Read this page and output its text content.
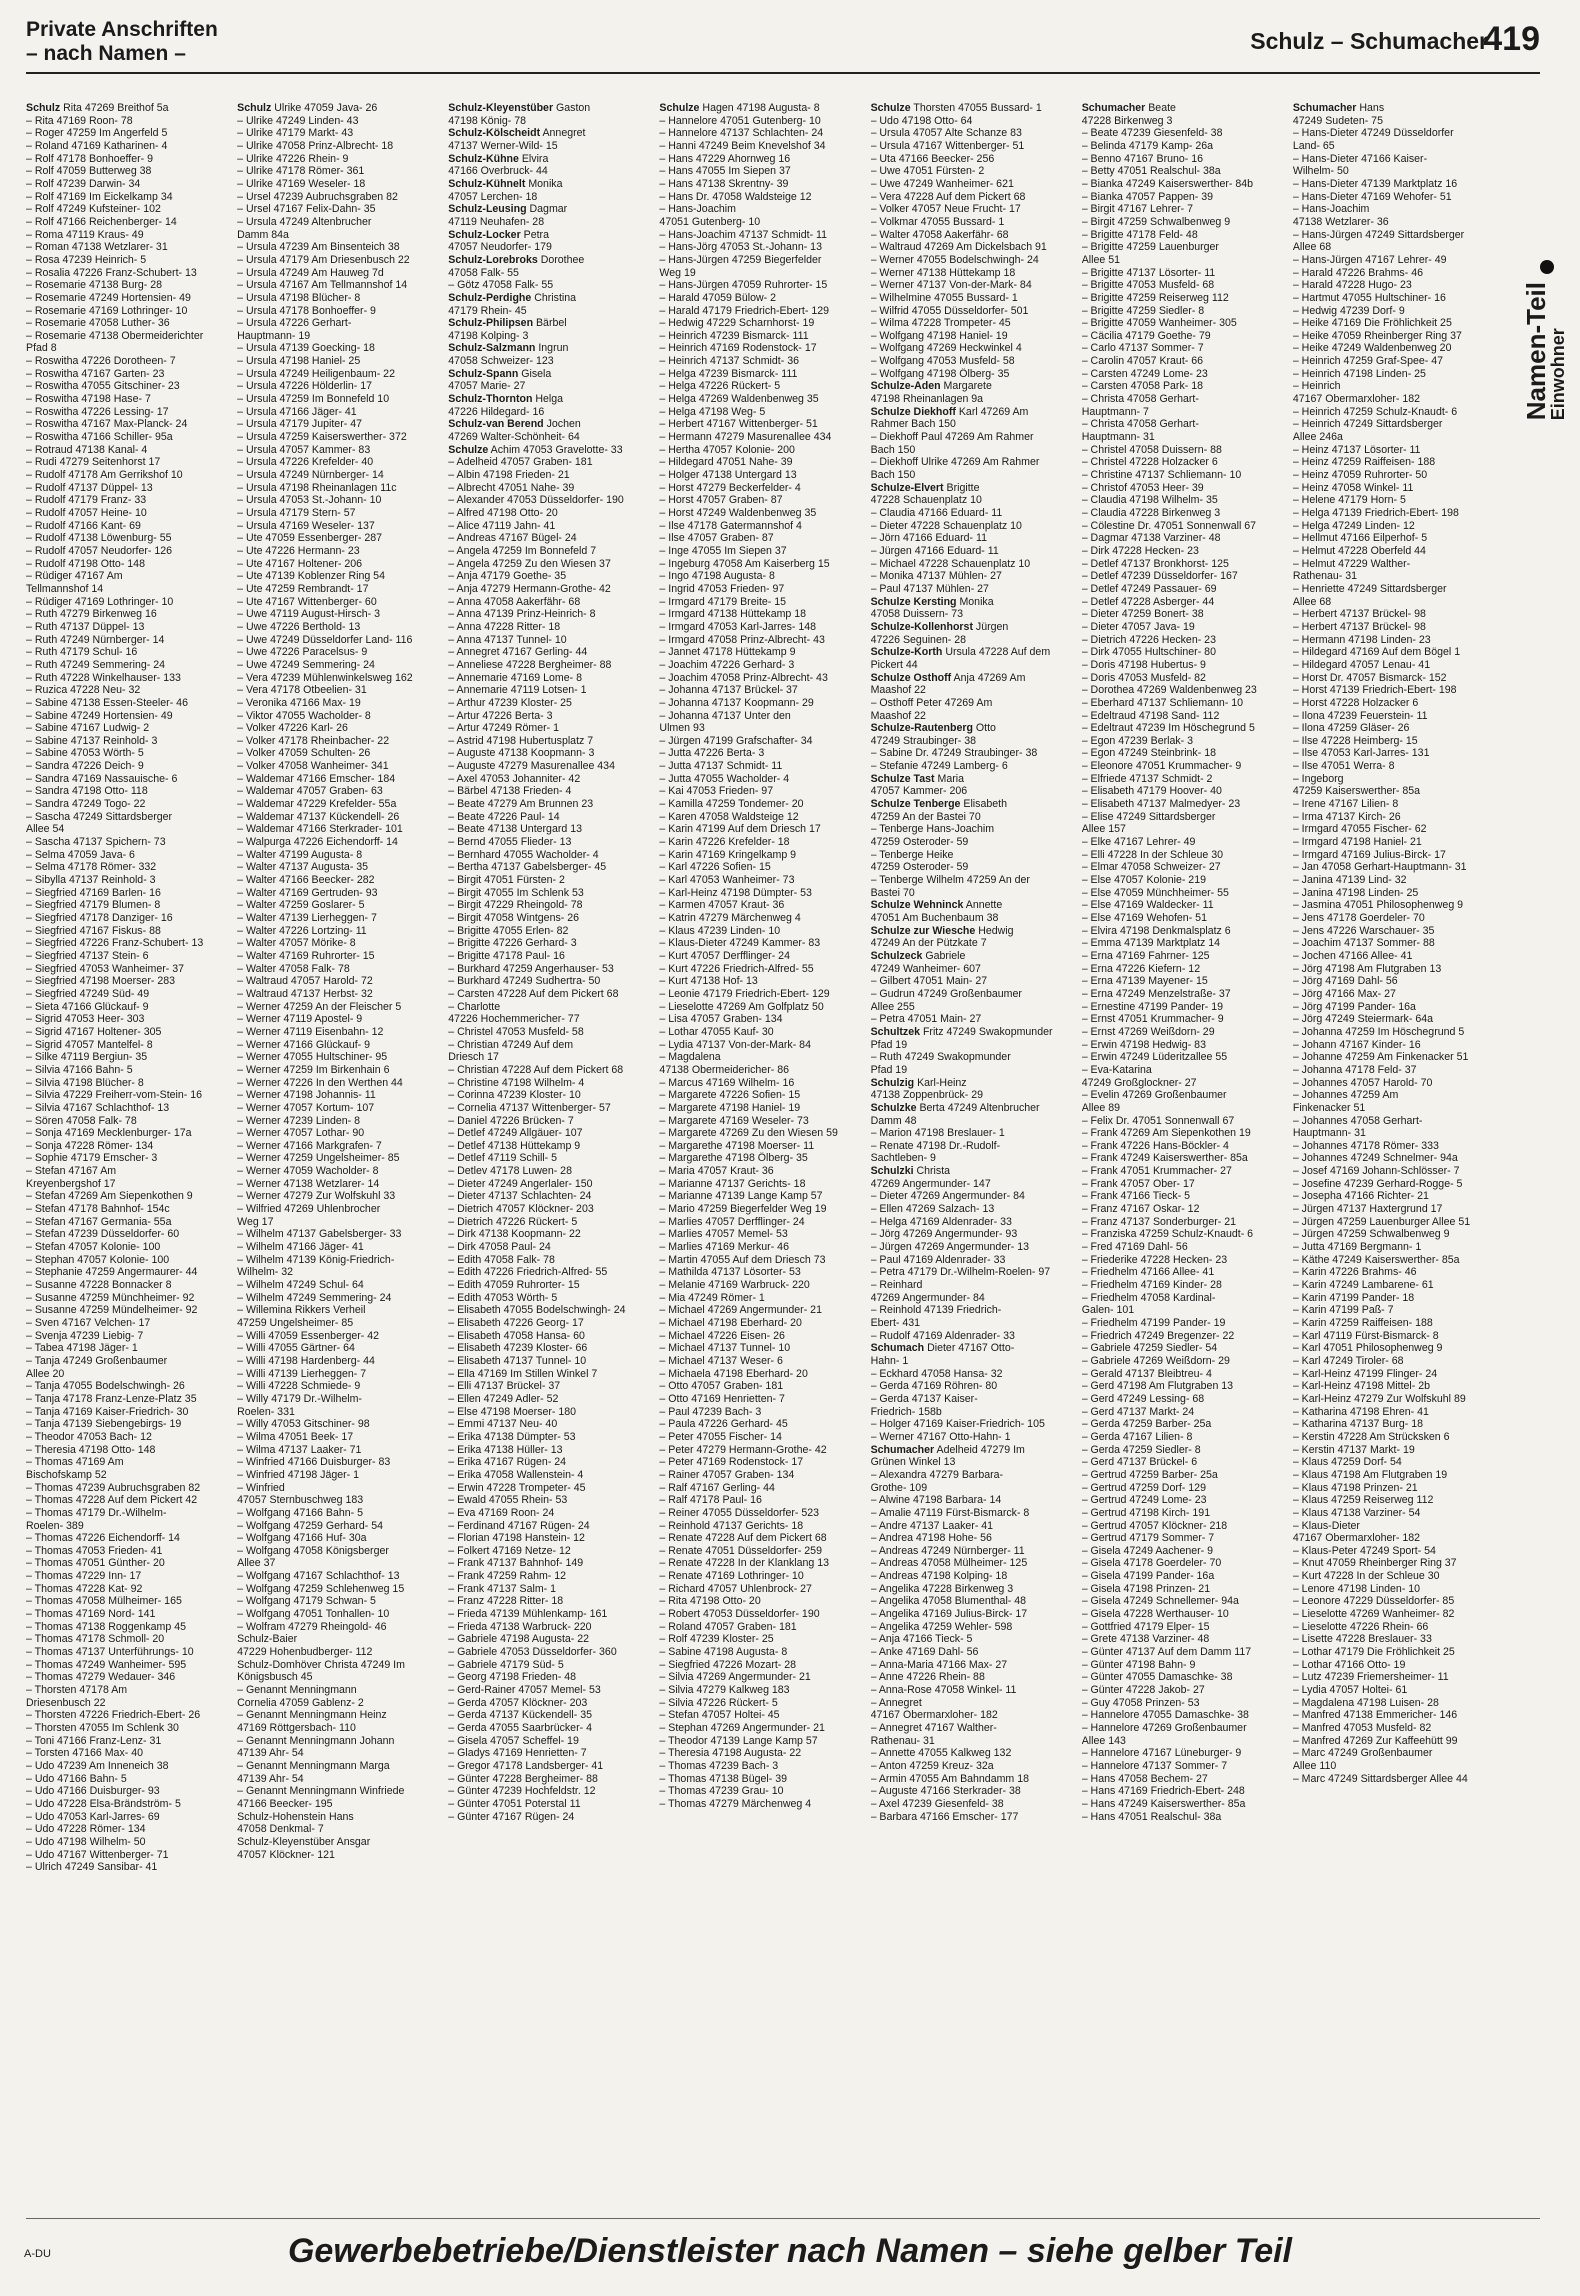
Private Anschriften
– nach Namen –	Schulz – Schumacher
419
Schulz Rita 47269 Breithof 5a
– Rita 47169 Roon- 78
– Roger 47259 Im Angerfeld 5
– Roland 47169 Katharinen- 4
– Rolf 47178 Bonhoeffer- 9
– Rolf 47059 Butterweg 38
– Rolf 47239 Darwin- 34
– Rolf 47169 Im Eickelkamp 34
– Rolf 47249 Kufsteiner- 102
– Rolf 47166 Reichenberger- 14
– Roma 47119 Kraus- 49
– Roman 47138 Wetzlarer- 31
– Rosa 47239 Heinrich- 5
– Rosalia 47226 Franz-Schubert- 13
– Rosemarie 47138 Burg- 28
– Rosemarie 47249 Hortensien- 49
– Rosemarie 47169 Lothringer- 10
– Rosemarie 47058 Luther- 36
– Rosemarie 47138 Obermeiderichter
Pfad 8
– Roswitha 47226 Dorotheen- 7
– Roswitha 47167 Garten- 23
– Roswitha 47055 Gitschiner- 23
– Roswitha 47198 Hase- 7
– Roswitha 47226 Lessing- 17
– Roswitha 47167 Max-Planck- 24
– Roswitha 47166 Schiller- 95a
– Rotraud 47138 Kanal- 4
– Rudi 47279 Seitenhorst 17
– Rudolf 47178 Am Gerrikshof 10
– Rudolf 47137 Düppel- 13
– Rudolf 47179 Franz- 33
– Rudolf 47057 Heine- 10
– Rudolf 47166 Kant- 69
– Rudolf 47138 Löwenburg- 55
– Rudolf 47057 Neudorfer- 126
– Rudolf 47198 Otto- 148
– Rüdiger 47167 Am
Tellmannshof 14
– Rüdiger 47169 Lothringer- 10
– Ruth 47279 Birkenweg 16
– Ruth 47137 Düppel- 13
– Ruth 47249 Nürnberger- 14
– Ruth 47179 Schul- 16
– Ruth 47249 Semmering- 24
– Ruth 47228 Winkelhauser- 133
– Ruzica 47228 Neu- 32
– Sabine 47138 Essen-Steeler- 46
– Sabine 47249 Hortensien- 49
– Sabine 47167 Ludwig- 2
– Sabine 47137 Reinhold- 3
– Sabine 47053 Wörth- 5
– Sandra 47226 Deich- 9
– Sandra 47169 Nassauische- 6
– Sandra 47198 Otto- 118
– Sandra 47249 Togo- 22
– Sascha 47249 Sittardsberger
Allee 54
– Sascha 47137 Spichern- 73
– Selma 47059 Java- 6
– Selma 47178 Römer- 332
– Sibylla 47137 Reinhold- 3
– Siegfried 47169 Barlen- 16
– Siegfried 47179 Blumen- 8
– Siegfried 47178 Danziger- 16
– Siegfried 47167 Fiskus- 88
– Siegfried 47226 Franz-Schubert- 13
– Siegfried 47137 Stein- 6
– Siegfried 47053 Wanheimer- 37
– Siegfried 47198 Moerser- 283
– Siegfried 47249 Süd- 49
– Sieta 47166 Glückauf- 9
– Sigrid 47053 Heer- 303
– Sigrid 47167 Holtener- 305
– Sigrid 47057 Mantelfel- 8
– Silke 47119 Bergiun- 35
– Silvia 47166 Bahn- 5
– Silvia 47198 Blücher- 8
– Silvia 47229 Freiherr-vom-Stein- 16
– Silvia 47167 Schlachthof- 13
– Sören 47058 Falk- 78
– Sonja 47169 Mecklenburger- 17a
– Sonja 47228 Römer- 134
– Sophie 47179 Emscher- 3
– Stefan 47167 Am
Kreyenbergshof 17
– Stefan 47269 Am Siepenkothen 9
– Stefan 47178 Bahnhof- 154c
– Stefan 47167 Germania- 55a
– Stefan 47239 Düsseldorfer- 60
– Stefan 47057 Kolonie- 100
– Stephan 47057 Kolonie- 100
– Stephanie 47259 Angermaurer- 44
– Susanne 47228 Bonnacker 8
– Susanne 47259 Münchheimer- 92
– Susanne 47259 Mündelheimer- 92
– Sven 47167 Velchen- 17
– Svenja 47239 Liebig- 7
– Tabea 47198 Jäger- 1
– Tanja 47249 Großenbaumer
Allee 20
– Tanja 47055 Bodelschwingh- 26
– Tanja 47178 Franz-Lenze-Platz 35
– Tanja 47169 Kaiser-Friedrich- 30
– Tanja 47139 Siebengebirgs- 19
– Theodor 47053 Bach- 12
– Theresia 47198 Otto- 148
– Thomas 47169 Am
Bischofskamp 52
– Thomas 47239 Aubruchsgraben 82
– Thomas 47228 Auf dem Pickert 42
– Thomas 47179 Dr.-Wilhelm-
Roelen- 389
– Thomas 47226 Eichendorff- 14
– Thomas 47053 Frieden- 41
– Thomas 47051 Günther- 20
– Thomas 47229 Inn- 17
– Thomas 47228 Kat- 92
– Thomas 47058 Mülheimer- 165
– Thomas 47169 Nord- 141
– Thomas 47138 Roggenkamp 45
– Thomas 47178 Schmoll- 20
– Thomas 47137 Unterführungs- 10
– Thomas 47249 Wanheimer- 595
– Thomas 47279 Wedauer- 346
– Thorsten 47178 Am
Driesenbusch 22
– Thorsten 47226 Friedrich-Ebert- 26
– Thorsten 47055 Im Schlenk 30
– Toni 47166 Franz-Lenz- 31
– Torsten 47166 Max- 40
– Udo 47239 Am Inneneich 38
– Udo 47166 Bahn- 5
– Udo 47166 Duisburger- 93
– Udo 47228 Elsa-Brändström- 5
– Udo 47053 Karl-Jarres- 69
– Udo 47228 Römer- 134
– Udo 47198 Wilhelm- 50
– Udo 47167 Wittenberger- 71
– Ulrich 47249 Sansibar- 41
Schulz Ulrike 47059 Java- 26
– Ulrike 47249 Linden- 43
– Ulrike 47179 Markt- 43
– Ulrike 47058 Prinz-Albrecht- 18
– Ulrike 47226 Rhein- 9
– Ulrike 47178 Römer- 361
– Ulrike 47169 Weseler- 18
– Ursel 47239 Aubruchsgraben 82
– Ursel 47167 Felix-Dahn- 35
– Ursula 47249 Altenbrucher
Damm 84a
– Ursula 47239 Am Binsenteich 38
– Ursula 47179 Am Driesenbusch 22
– Ursula 47249 Am Hauweg 7d
– Ursula 47167 Am Tellmannshof 14
– Ursula 47198 Blücher- 8
– Ursula 47178 Bonhoeffer- 9
– Ursula 47226 Gerhart-
Hauptmann- 19
– Ursula 47139 Goecking- 18
– Ursula 47198 Haniel- 25
– Ursula 47249 Heiligenbaum- 22
– Ursula 47226 Hölderlin- 17
– Ursula 47259 Im Bonnefeld 10
– Ursula 47166 Jäger- 41
– Ursula 47179 Jupiter- 47
– Ursula 47259 Kaiserswerther- 372
– Ursula 47057 Kammer- 83
– Ursula 47226 Krefelder- 40
– Ursula 47249 Nürnberger- 14
– Ursula 47198 Rheinanlagen 11c
– Ursula 47053 St.-Johann- 10
– Ursula 47179 Stern- 57
– Ursula 47169 Weseler- 137
– Ute 47059 Essenberger- 287
– Ute 47226 Hermann- 23
– Ute 47167 Holtener- 206
– Ute 47139 Koblenzer Ring 54
– Ute 47259 Rembrandt- 17
– Ute 47167 Wittenberger- 60
– Uwe 47119 August-Hirsch- 3
– Uwe 47226 Berthold- 13
– Uwe 47249 Düsseldorfer Land- 116
– Uwe 47226 Paracelsus- 9
– Uwe 47249 Semmering- 24
– Vera 47239 Mühlenwinkelsweg 162
– Vera 47178 Otbeelien- 31
– Veronika 47166 Max- 19
– Viktor 47055 Wacholder- 8
– Volker 47226 Karl- 26
– Volker 47178 Rheinbacher- 22
– Volker 47059 Schulten- 26
– Volker 47058 Wanheimer- 341
– Waldemar 47166 Emscher- 184
– Waldemar 47057 Graben- 63
– Waldemar 47229 Krefelder- 55a
– Waldemar 47137 Kückendell- 26
– Waldemar 47166 Sterkrader- 101
– Walpurga 47226 Eichendorff- 14
– Walter 47199 Augusta- 8
– Walter 47137 Augusta- 35
– Walter 47166 Beecker- 282
– Walter 47169 Gertruden- 93
– Walter 47259 Goslarer- 5
– Walter 47139 Lierheggen- 7
– Walter 47226 Lortzing- 11
– Walter 47057 Mörike- 8
– Walter 47169 Ruhrorter- 15
– Walter 47058 Falk- 78
– Waltraud 47057 Harold- 72
– Waltraud 47137 Herbst- 32
– Werner 47259 An der Fleischer 5
– Werner 47119 Apostel- 9
– Werner 47119 Eisenbahn- 12
– Werner 47166 Glückauf- 9
– Werner 47055 Hultschiner- 95
– Werner 47259 Im Birkenhain 6
– Werner 47226 In den Werthen 44
– Werner 47198 Johannis- 11
– Werner 47057 Kortum- 107
– Werner 47239 Linden- 8
– Werner 47057 Lothar- 90
– Werner 47166 Markgrafen- 7
– Werner 47259 Ungelsheimer- 85
– Werner 47059 Wacholder- 8
– Werner 47138 Wetzlarer- 14
– Werner 47279 Zur Wolfskuhl 33
– Wilfried 47269 Uhlenbrocher
Weg 17
– Wilhelm 47137 Gabelsberger- 33
– Wilhelm 47166 Jäger- 41
– Wilhelm 47139 König-Friedrich-
Wilhelm- 32
– Wilhelm 47249 Schul- 64
– Wilhelm 47249 Semmering- 24
– Willemina Rikkers Verheil
47259 Ungelsheimer- 85
– Willi 47059 Essenberger- 42
– Willi 47055 Gärtner- 64
– Willi 47198 Hardenberg- 44
– Willi 47139 Lierheggen- 7
– Willi 47228 Schmiede- 9
– Willy 47179 Dr.-Wilhelm-
Roelen- 331
– Willy 47053 Gitschiner- 98
– Wilma 47051 Beek- 17
– Wilma 47137 Laaker- 71
– Winfried 47166 Duisburger- 83
– Winfried 47198 Jäger- 1
– Winfried
47057 Sternbuschweg 183
– Wolfgang 47166 Bahn- 5
– Wolfgang 47259 Gerhard- 54
– Wolfgang 47166 Huf- 30a
– Wolfgang 47058 Königsberger
Allee 37
– Wolfgang 47167 Schlachthof- 13
– Wolfgang 47259 Schlehenweg 15
– Wolfgang 47179 Schwan- 5
– Wolfgang 47051 Tonhallen- 10
– Wolfram 47279 Rheingold- 46
Schulz-Baier
47229 Hohenbudberger- 112
Schulz-Domhöver Christa 47249 Im
Königsbusch 45
– Genannt Menningmann
Cornelia 47059 Gablenz- 2
– Genannt Menningmann Heinz
47169 Röttgersbach- 110
– Genannt Menningmann Johann
47139 Ahr- 54
– Genannt Menningmann Marga
47139 Ahr- 54
– Genannt Menningmann Winfriede
47166 Beecker- 195
Schulz-Hohenstein Hans
47058 Denkmal- 7
Schulz-Kleyenstüber Ansgar
47057 Klöckner- 121
Schulz-Kleyenstüber Gaston
47198 König- 78
Schulz-Kölscheidt Annegret
47137 Werner-Wild- 15
Schulz-Kühne Elvira
47166 Overbruck- 44
Schulz-Kühnelt Monika
47057 Lerchen- 18
Schulz-Leusing Dagmar
47119 Neuhafen- 28
Schulz-Locker Petra
47057 Neudorfer- 179
Schulz-Lorebroks Dorothee
47058 Falk- 55
– Götz 47058 Falk- 55
Schulz-Perdighe Christina
47179 Rhein- 45
Schulz-Philipsen Bärbel
47198 Kolping- 3
Schulz-Salzmann Ingrun
47058 Schweizer- 123
Schulz-Spann Gisela
47057 Marie- 27
Schulz-Thornton Helga
47226 Hildegard- 16
Schulz-van Berend Jochen
47269 Walter-Schönheit- 64
Schulze Achim 47053 Gravelotte- 33
– Adelheid 47057 Graben- 181
– Albin 47198 Frieden- 21
– Albrecht 47051 Nahe- 39
– Alexander 47053 Düsseldorfer- 190
– Alfred 47198 Otto- 20
– Alice 47119 Jahn- 41
– Andreas 47167 Bügel- 24
– Angela 47259 Im Bonnefeld 7
– Angela 47259 Zu den Wiesen 37
– Anja 47179 Goethe- 35
– Anja 47279 Hermann-Grothe- 42
– Anna 47058 Aakerfähr- 68
– Anna 47139 Prinz-Heinrich- 8
– Anna 47228 Ritter- 18
– Anna 47137 Tunnel- 10
– Annegret 47167 Gerling- 44
– Anneliese 47228 Bergheimer- 88
– Annemarie 47169 Lome- 8
– Annemarie 47119 Lotsen- 1
– Arthur 47239 Kloster- 25
– Artur 47226 Berta- 3
– Artur 47249 Römer- 1
– Astrid 47198 Hubertusplatz 7
– Auguste 47138 Koopmann- 3
– Auguste 47279 Masurenallee 434
– Axel 47053 Johanniter- 42
– Bärbel 47138 Frieden- 4
– Beate 47279 Am Brunnen 23
– Beate 47226 Paul- 14
– Beate 47138 Untergard 13
– Bernd 47055 Flieder- 13
– Bernhard 47055 Wacholder- 4
– Bertha 47137 Gabelsberger- 45
– Birgit 47051 Fürsten- 2
– Birgit 47055 Im Schlenk 53
– Birgit 47229 Rheingold- 78
– Birgit 47058 Wintgens- 26
– Brigitte 47055 Erlen- 82
– Brigitte 47226 Gerhard- 3
– Brigitte 47178 Paul- 16
– Burkhard 47259 Angerhauser- 53
– Burkhard 47249 Sudhertra- 50
– Carsten 47228 Auf dem Pickert 68
– Charlotte
47226 Hochemmericher- 77
– Christel 47053 Musfeld- 58
– Christian 47249 Auf dem
Driesch 17
– Christian 47228 Auf dem Pickert 68
– Christine 47198 Wilhelm- 4
– Corinna 47239 Kloster- 10
– Cornelia 47137 Wittenberger- 57
– Daniel 47226 Brücken- 7
– Detlef 47249 Allgäuer- 107
– Detlef 47138 Hüttekamp 9
– Detlef 47119 Schill- 5
– Detlev 47178 Luwen- 28
– Dieter 47249 Angerlaler- 150
– Dieter 47137 Schlachten- 24
– Dietrich 47057 Klöckner- 203
– Dietrich 47226 Rückert- 5
– Dirk 47138 Koopmann- 22
– Dirk 47058 Paul- 24
– Edith 47058 Falk- 78
– Edith 47226 Friedrich-Alfred- 55
– Edith 47059 Ruhrorter- 15
– Edith 47053 Wörth- 5
– Elisabeth 47055 Bodelschwingh- 24
– Elisabeth 47226 Georg- 17
– Elisabeth 47058 Hansa- 60
– Elisabeth 47239 Kloster- 66
– Elisabeth 47137 Tunnel- 10
– Ella 47169 Im Stillen Winkel 7
– Elli 47137 Brückel- 37
– Ellen 47249 Adler- 52
– Else 47198 Moerser- 180
– Emmi 47137 Neu- 40
– Erika 47138 Dümpter- 53
– Erika 47138 Hüller- 13
– Erika 47167 Rügen- 24
– Erika 47058 Wallenstein- 4
– Erwin 47228 Trompeter- 45
– Ewald 47055 Rhein- 53
– Eva 47169 Roon- 24
– Ferdinand 47167 Rügen- 24
– Florian 47198 Hanstein- 12
– Folkert 47169 Netze- 12
– Frank 47137 Bahnhof- 149
– Frank 47259 Rahm- 12
– Frank 47137 Salm- 1
– Franz 47228 Ritter- 18
– Frieda 47139 Mühlenkamp- 161
– Frieda 47138 Warbruck- 220
– Gabriele 47198 Augusta- 22
– Gabriele 47053 Düsseldorfer- 360
– Gabriele 47179 Süd- 5
– Georg 47198 Frieden- 48
– Gerd-Rainer 47057 Memel- 53
– Gerda 47057 Klöckner- 203
– Gerda 47137 Kückendell- 35
– Gerda 47055 Saarbrücker- 4
– Gisela 47057 Scheffel- 19
– Gladys 47169 Henrietten- 7
– Gregor 47178 Landsberger- 41
– Günter 47228 Bergheimer- 88
– Günter 47239 Hochfeldstr. 12
– Günter 47051 Poterstal 11
– Günter 47167 Rügen- 24
Schulze Hagen 47198 Augusta- 8
– Hannelore 47051 Gutenberg- 10
– Hannelore 47137 Schlachten- 24
– Hanni 47249 Beim Knevelshof 34
– Hans 47229 Ahornweg 16
– Hans 47055 Im Siepen 37
– Hans 47138 Skrentny- 39
– Hans Dr. 47058 Waldsteige 12
– Hans-Joachim
47051 Gutenberg- 10
– Hans-Joachim 47137 Schmidt- 11
– Hans-Jörg 47053 St.-Johann- 13
– Hans-Jürgen 47259 Biegerfelder
Weg 19
– Hans-Jürgen 47059 Ruhrorter- 15
– Harald 47059 Bülow- 2
– Harald 47179 Friedrich-Ebert- 129
– Hedwig 47229 Scharnhorst- 19
– Heinrich 47239 Bismarck- 111
– Heinrich 47169 Rodenstock- 17
– Heinrich 47137 Schmidt- 36
– Helga 47239 Bismarck- 111
– Helga 47226 Rückert- 5
– Helga 47269 Waldenbenweg 35
– Helga 47198 Weg- 5
– Herbert 47167 Wittenberger- 51
– Hermann 47279 Masurenallee 434
– Hertha 47057 Kolonie- 200
– Hildegard 47051 Nahe- 39
– Holger 47138 Untergard 13
– Horst 47279 Beckerfelder- 4
– Horst 47057 Graben- 87
– Horst 47249 Waldenbenweg 35
– Ilse 47178 Gatermannshof 4
– Ilse 47057 Graben- 87
– Inge 47055 Im Siepen 37
– Ingeburg 47058 Am Kaiserberg 15
– Ingo 47198 Augusta- 8
– Ingrid 47053 Frieden- 97
– Irmgard 47179 Breite- 15
– Irmgard 47138 Hüttekamp 18
– Irmgard 47053 Karl-Jarres- 148
– Irmgard 47058 Prinz-Albrecht- 43
– Jannet 47178 Hüttekamp 9
– Joachim 47226 Gerhard- 3
– Joachim 47058 Prinz-Albrecht- 43
– Johanna 47137 Brückel- 37
– Johanna 47137 Koopmann- 29
– Johanna 47137 Unter den
Ulmen 93
– Jürgen 47199 Grafschafter- 34
– Jutta 47226 Berta- 3
– Jutta 47137 Schmidt- 11
– Jutta 47055 Wacholder- 4
– Kai 47053 Frieden- 97
– Kamilla 47259 Tondemer- 20
– Karen 47058 Waldsteige 12
– Karin 47199 Auf dem Driesch 17
– Karin 47226 Krefelder- 18
– Karin 47169 Kringelkamp 9
– Karl 47226 Sofien- 15
– Karl 47053 Wanheimer- 73
– Karl-Heinz 47198 Dümpter- 53
– Karmen 47057 Kraut- 36
– Katrin 47279 Märchenweg 4
– Klaus 47239 Linden- 10
– Klaus-Dieter 47249 Kammer- 83
– Kurt 47057 Derfflinger- 24
– Kurt 47226 Friedrich-Alfred- 55
– Kurt 47138 Hof- 13
– Leonie 47179 Friedrich-Ebert- 129
– Lieselotte 47269 Am Golfplatz 50
– Lisa 47057 Graben- 134
– Lothar 47055 Kauf- 30
– Lydia 47137 Von-der-Mark- 84
– Magdalena
47138 Obermeidericher- 86
– Marcus 47169 Wilhelm- 16
– Margarete 47226 Sofien- 15
– Margarete 47198 Haniel- 19
– Margarete 47169 Weseler- 73
– Margarete 47269 Zu den Wiesen 59
– Margarethe 47198 Moerser- 11
– Margarethe 47198 Ölberg- 35
– Maria 47057 Kraut- 36
– Marianne 47137 Gerichts- 18
– Marianne 47139 Lange Kamp 57
– Mario 47259 Biegerfelder Weg 19
– Marlies 47057 Derfflinger- 24
– Marlies 47057 Memel- 53
– Marlies 47169 Merkur- 46
– Martin 47055 Auf dem Driesch 73
– Mathilda 47137 Lösorter- 53
– Melanie 47169 Warbruck- 220
– Mia 47249 Römer- 1
– Michael 47269 Angermunder- 21
– Michael 47198 Eberhard- 20
– Michael 47226 Eisen- 26
– Michael 47137 Tunnel- 10
– Michael 47137 Weser- 6
– Michaela 47198 Eberhard- 20
– Otto 47057 Graben- 181
– Otto 47169 Henrietten- 7
– Paul 47239 Bach- 3
– Paula 47226 Gerhard- 45
– Peter 47055 Fischer- 14
– Peter 47279 Hermann-Grothe- 42
– Peter 47169 Rodenstock- 17
– Rainer 47057 Graben- 134
– Ralf 47167 Gerling- 44
– Ralf 47178 Paul- 16
– Reiner 47055 Düsseldorfer- 523
– Reinhold 47137 Gerichts- 18
– Renate 47228 Auf dem Pickert 68
– Renate 47051 Düsseldorfer- 259
– Renate 47228 In der Klanklang 13
– Renate 47169 Lothringer- 10
– Richard 47057 Uhlenbrock- 27
– Rita 47198 Otto- 20
– Robert 47053 Düsseldorfer- 190
– Roland 47057 Graben- 181
– Rolf 47239 Kloster- 25
– Sabine 47198 Augusta- 8
– Siegfried 47226 Mozart- 28
– Silvia 47269 Angermunder- 21
– Silvia 47279 Kalkweg 183
– Silvia 47226 Rückert- 5
– Stefan 47057 Holtei- 45
– Stephan 47269 Angermunder- 21
– Theodor 47139 Lange Kamp 57
– Theresia 47198 Augusta- 22
– Thomas 47239 Bach- 3
– Thomas 47138 Bügel- 39
– Thomas 47239 Grau- 10
– Thomas 47279 Märchenweg 4
Schulze Thorsten 47055 Bussard- 1
– Udo 47198 Otto- 64
– Ursula 47057 Alte Schanze 83
– Ursula 47167 Wittenberger- 51
– Uta 47166 Beecker- 256
– Uwe 47051 Fürsten- 2
– Uwe 47249 Wanheimer- 621
– Vera 47228 Auf dem Pickert 68
– Volker 47057 Neue Frucht- 17
– Volkmar 47055 Bussard- 1
– Walter 47058 Aakerfähr- 68
– Waltraud 47269 Am Dickelsbach 91
– Werner 47055 Bodelschwingh- 24
– Werner 47138 Hüttekamp 18
– Werner 47137 Von-der-Mark- 84
– Wilhelmine 47055 Bussard- 1
– Wilfrid 47055 Düsseldorfer- 501
– Wilma 47228 Trompeter- 45
– Wolfgang 47198 Haniel- 19
– Wolfgang 47269 Heckwinkel 4
– Wolfgang 47053 Musfeld- 58
– Wolfgang 47198 Ölberg- 35
Schulze-Aden Margarete
47198 Rheinanlagen 9a
Schulze Diekhoff Karl 47269 Am
Rahmer Bach 150
– Diekhoff Paul 47269 Am Rahmer
Bach 150
– Diekhoff Ulrike 47269 Am Rahmer
Bach 150
Schulze-Elvert Brigitte
47228 Schauenplatz 10
– Claudia 47166 Eduard- 11
– Dieter 47228 Schauenplatz 10
– Jörn 47166 Eduard- 11
– Jürgen 47166 Eduard- 11
– Michael 47228 Schauenplatz 10
– Monika 47137 Mühlen- 27
– Paul 47137 Mühlen- 27
Schulze Kersting Monika
47058 Duissern- 73
Schulze-Kollenhorst Jürgen
47226 Seguinen- 28
Schulze-Korth Ursula 47228 Auf dem
Pickert 44
Schulze Osthoff Anja 47269 Am
Maashof 22
– Osthoff Peter 47269 Am
Maashof 22
Schulze-Rautenberg Otto
47249 Straubinger- 38
– Sabine Dr. 47249 Straubinger- 38
– Stefanie 47249 Lamberg- 6
Schulze Tast Maria
47057 Kammer- 206
Schulze Tenberge Elisabeth
47259 An der Bastei 70
– Tenberge Hans-Joachim
47259 Osteroder- 59
– Tenberge Heike
47259 Osteroder- 59
– Tenberge Wilhelm 47259 An der
Bastei 70
Schulze Wehninck Annette
47051 Am Buchenbaum 38
Schulze zur Wiesche Hedwig
47249 An der Pützkate 7
Schulzeck Gabriele
47249 Wanheimer- 607
– Gilbert 47051 Main- 27
– Gudrun 47249 Großenbaumer
Allee 255
– Petra 47051 Main- 27
Schultzek Fritz 47249 Swakopmunder
Pfad 19
– Ruth 47249 Swakopmunder
Pfad 19
Schulzig Karl-Heinz
47138 Zoppenbrück- 29
Schulzke Berta 47249 Altenbrucher
Damm 48
– Marion 47198 Breslauer- 1
– Renate 47198 Dr.-Rudolf-
Sachtleben- 9
Schulzki Christa
47269 Angermunder- 147
– Dieter 47269 Angermunder- 84
– Ellen 47269 Salzach- 13
– Helga 47169 Aldenrader- 33
– Jörg 47269 Angermunder- 93
– Jürgen 47269 Angermunder- 13
– Paul 47169 Aldenrader- 33
– Petra 47179 Dr.-Wilhelm-Roelen- 97
– Reinhard
47269 Angermunder- 84
– Reinhold 47139 Friedrich-
Ebert- 431
– Rudolf 47169 Aldenrader- 33
Schumach Dieter 47167 Otto-
Hahn- 1
– Eckhard 47058 Hansa- 32
– Gerda 47169 Röhren- 80
– Gerda 47137 Kaiser-
Friedrich- 158b
– Holger 47169 Kaiser-Friedrich- 105
– Werner 47167 Otto-Hahn- 1
Schumacher Adelheid 47279 Im
Grünen Winkel 13
– Alexandra 47279 Barbara-
Grothe- 109
– Alwine 47198 Barbara- 14
– Amalie 47119 Fürst-Bismarck- 8
– Andre 47137 Laaker- 41
– Andrea 47198 Hohe- 56
– Andreas 47249 Nürnberger- 11
– Andreas 47058 Mülheimer- 125
– Andreas 47198 Kolping- 18
– Angelika 47228 Birkenweg 3
– Angelika 47058 Blumenthal- 48
– Angelika 47169 Julius-Birck- 17
– Angelika 47259 Wehler- 598
– Anja 47166 Tieck- 5
– Anke 47169 Dahl- 56
– Anna-Maria 47166 Max- 27
– Anne 47226 Rhein- 88
– Anna-Rose 47058 Winkel- 11
– Annegret
47167 Obermarxloher- 182
– Annegret 47167 Walther-
Rathenau- 31
– Annette 47055 Kalkweg 132
– Anton 47259 Kreuz- 32a
– Armin 47055 Am Bahndamm 18
– Auguste 47166 Sterkrader- 38
– Axel 47239 Giesenfeld- 38
– Barbara 47166 Emscher- 177
Schumacher Beate
47228 Birkenweg 3
– Beate 47239 Giesenfeld- 38
– Belinda 47179 Kamp- 26a
– Benno 47167 Bruno- 16
– Betty 47051 Realschul- 38a
– Bianka 47249 Kaiserswerther- 84b
– Bianka 47057 Pappen- 39
– Birgit 47167 Lehrer- 7
– Birgit 47259 Schwalbenweg 9
– Brigitte 47178 Feld- 48
– Brigitte 47259 Lauenburger
Allee 51
– Brigitte 47137 Lösorter- 11
– Brigitte 47053 Musfeld- 68
– Brigitte 47259 Reiserweg 112
– Brigitte 47259 Siedler- 8
– Brigitte 47059 Wanheimer- 305
– Cäcilia 47179 Goethe- 79
– Carlo 47137 Sommer- 7
– Carolin 47057 Kraut- 66
– Carsten 47249 Lome- 23
– Carsten 47058 Park- 18
– Christa 47058 Gerhart-
Hauptmann- 7
– Christa 47058 Gerhart-
Hauptmann- 31
– Christel 47058 Duissern- 88
– Christel 47228 Holzacker 6
– Christine 47137 Schliemann- 10
– Christof 47053 Heer- 39
– Claudia 47198 Wilhelm- 35
– Claudia 47228 Birkenweg 3
– Cölestine Dr. 47051 Sonnenwall 67
– Dagmar 47138 Varziner- 48
– Dirk 47228 Hecken- 23
– Detlef 47137 Bronkhorst- 125
– Detlef 47239 Düsseldorfer- 167
– Detlef 47249 Passauer- 69
– Detlef 47228 Asberger- 44
– Dieter 47259 Bonert- 38
– Dieter 47057 Java- 19
– Dietrich 47226 Hecken- 23
– Dirk 47055 Hultschiner- 80
– Doris 47198 Hubertus- 9
– Doris 47053 Musfeld- 82
– Dorothea 47269 Waldenbenweg 23
– Eberhard 47137 Schliemann- 10
– Edeltraud 47198 Sand- 112
– Edeltraut 47239 Im Höschegrund 5
– Egon 47239 Berlak- 3
– Egon 47249 Steinbrink- 18
– Eleonore 47051 Krummacher- 9
– Elfriede 47137 Schmidt- 2
– Elisabeth 47179 Hoover- 40
– Elisabeth 47137 Malmedyer- 23
– Elise 47249 Sittardsberger
Allee 157
– Elke 47167 Lehrer- 49
– Elli 47228 In der Schleue 30
– Elmar 47058 Schweizer- 27
– Else 47057 Kolonie- 219
– Else 47059 Münchheimer- 55
– Else 47169 Waldecker- 11
– Else 47169 Wehofen- 51
– Elvira 47198 Denkmalsplatz 6
– Emma 47139 Marktplatz 14
– Erna 47169 Fahrner- 125
– Erna 47226 Kiefern- 12
– Erna 47139 Mayener- 15
– Erna 47249 Menzelstraße- 37
– Ernestine 47199 Pander- 19
– Ernst 47051 Krummacher- 9
– Ernst 47269 Weißdorn- 29
– Erwin 47198 Hedwig- 83
– Erwin 47249 Lüderitzallee 55
– Eva-Katarina
47249 Großglockner- 27
– Evelin 47269 Großenbaumer
Allee 89
– Felix Dr. 47051 Sonnenwall 67
– Frank 47269 Am Siepenkothen 19
– Frank 47226 Hans-Böckler- 4
– Frank 47249 Kaiserswerther- 85a
– Frank 47051 Krummacher- 27
– Frank 47057 Ober- 17
– Frank 47166 Tieck- 5
– Franz 47167 Oskar- 12
– Franz 47137 Sonderburger- 21
– Franziska 47259 Schulz-Knaudt- 6
– Fred 47169 Dahl- 56
– Friederike 47228 Hecken- 23
– Friedhelm 47166 Allee- 41
– Friedhelm 47169 Kinder- 28
– Friedhelm 47058 Kardinal-
Galen- 101
– Friedhelm 47199 Pander- 19
– Friedrich 47249 Bregenzer- 22
– Gabriele 47259 Siedler- 54
– Gabriele 47269 Weißdorn- 29
– Gerald 47137 Bleibtreu- 4
– Gerd 47198 Am Flutgraben 13
– Gerd 47249 Lessing- 68
– Gerd 47137 Markt- 24
– Gerda 47259 Barber- 25a
– Gerda 47167 Lilien- 8
– Gerda 47259 Siedler- 8
– Gerd 47137 Brückel- 6
– Gertrud 47259 Barber- 25a
– Gertrud 47259 Dorf- 129
– Gertrud 47249 Lome- 23
– Gertrud 47198 Kirch- 191
– Gertrud 47057 Klöckner- 218
– Gertrud 47179 Sommer- 7
– Gisela 47249 Aachener- 9
– Gisela 47178 Goerdeler- 70
– Gisela 47199 Pander- 16a
– Gisela 47198 Prinzen- 21
– Gisela 47249 Schnellemer- 94a
– Gisela 47228 Werthauser- 10
– Gottfried 47179 Elper- 15
– Grete 47138 Varziner- 48
– Günter 47137 Auf dem Damm 117
– Günter 47198 Bahn- 9
– Günter 47055 Damaschke- 38
– Günter 47228 Jakob- 27
– Guy 47058 Prinzen- 53
– Hannelore 47055 Damaschke- 38
– Hannelore 47269 Großenbaumer
Allee 143
– Hannelore 47167 Lüneburger- 9
– Hannelore 47137 Sommer- 7
– Hans 47058 Bechem- 27
– Hans 47169 Friedrich-Ebert- 248
– Hans 47249 Kaiserswerther- 85a
– Hans 47051 Realschul- 38a
Schumacher Hans
47249 Sudeten- 75
– Hans-Dieter 47249 Düsseldorfer
Land- 65
– Hans-Dieter 47166 Kaiser-
Wilhelm- 50
– Hans-Dieter 47139 Marktplatz 16
– Hans-Dieter 47169 Wehofer- 51
– Hans-Joachim
47138 Wetzlarer- 36
– Hans-Jürgen 47249 Sittardsberger
Allee 68
– Hans-Jürgen 47167 Lehrer- 49
– Harald 47226 Brahms- 46
– Harald 47228 Hugo- 23
– Hartmut 47055 Hultschiner- 16
– Hedwig 47239 Dorf- 9
– Heike 47169 Die Fröhlichkeit 25
– Heike 47059 Rheinberger Ring 37
– Heike 47249 Waldenbenweg 20
– Heinrich 47259 Graf-Spee- 47
– Heinrich 47198 Linden- 25
– Heinrich
47167 Obermarxloher- 182
– Heinrich 47259 Schulz-Knaudt- 6
– Heinrich 47249 Sittardsberger
Allee 246a
– Heinz 47137 Lösorter- 11
– Heinz 47259 Raiffeisen- 188
– Heinz 47059 Ruhrorter- 50
– Heinz 47058 Winkel- 11
– Helene 47179 Horn- 5
– Helga 47139 Friedrich-Ebert- 198
– Helga 47249 Linden- 12
– Hellmut 47166 Eilperhof- 5
– Helmut 47228 Oberfeld 44
– Helmut 47229 Walther-
Rathenau- 31
– Henriette 47249 Sittardsberger
Allee 68
– Herbert 47137 Brückel- 98
– Herbert 47137 Brückel- 98
– Hermann 47198 Linden- 23
– Hildegard 47169 Auf dem Bögel 1
– Hildegard 47057 Lenau- 41
– Horst Dr. 47057 Bismarck- 152
– Horst 47139 Friedrich-Ebert- 198
– Horst 47228 Holzacker 6
– Ilona 47239 Feuerstein- 11
– Ilona 47259 Gläser- 26
– Ilse 47228 Heimberg- 15
– Ilse 47053 Karl-Jarres- 131
– Ilse 47051 Werra- 8
– Ingeborg
47259 Kaiserswerther- 85a
– Irene 47167 Lilien- 8
– Irma 47137 Kirch- 26
– Irmgard 47055 Fischer- 62
– Irmgard 47198 Haniel- 21
– Irmgard 47169 Julius-Birck- 17
– Jan 47058 Gerhart-Hauptmann- 31
– Janina 47139 Lind- 32
– Janina 47198 Linden- 25
– Jasmina 47051 Philosophenweg 9
– Jens 47178 Goerdeler- 70
– Jens 47226 Warschauer- 35
– Joachim 47137 Sommer- 88
– Jochen 47166 Allee- 41
– Jörg 47198 Am Flutgraben 13
– Jörg 47169 Dahl- 56
– Jörg 47166 Max- 27
– Jörg 47199 Pander- 16a
– Jörg 47249 Steiermark- 64a
– Johanna 47259 Im Höschegrund 5
– Johann 47167 Kinder- 16
– Johanne 47259 Am Finkenacker 51
– Johanna 47178 Feld- 37
– Johannes 47057 Harold- 70
– Johannes 47259 Am
Finkenacker 51
– Johannes 47058 Gerhart-
Hauptmann- 31
– Johannes 47178 Römer- 333
– Johannes 47249 Schnelmer- 94a
– Josef 47169 Johann-Schlösser- 7
– Josefine 47239 Gerhard-Rogge- 5
– Josepha 47166 Richter- 21
– Jürgen 47137 Haxtergrund 17
– Jürgen 47259 Lauenburger Allee 51
– Jürgen 47259 Schwalbenweg 9
– Jutta 47169 Bergmann- 1
– Käthe 47249 Kaiserswerther- 85a
– Karin 47226 Brahms- 46
– Karin 47249 Lambarene- 61
– Karin 47199 Pander- 18
– Karin 47199 Paß- 7
– Karin 47259 Raiffeisen- 188
– Karl 47119 Fürst-Bismarck- 8
– Karl 47051 Philosophenweg 9
– Karl 47249 Tiroler- 68
– Karl-Heinz 47199 Flinger- 24
– Karl-Heinz 47198 Mittel- 2b
– Karl-Heinz 47279 Zur Wolfskuhl 89
– Katharina 47198 Ehren- 41
– Katharina 47137 Burg- 18
– Kerstin 47228 Am Strücksken 6
– Kerstin 47137 Markt- 19
– Klaus 47259 Dorf- 54
– Klaus 47198 Am Flutgraben 19
– Klaus 47198 Prinzen- 21
– Klaus 47259 Reiserweg 112
– Klaus 47138 Varziner- 54
– Klaus-Dieter
47167 Obermarxloher- 182
– Klaus-Peter 47249 Sport- 54
– Knut 47059 Rheinberger Ring 37
– Kurt 47228 In der Schleue 30
– Lenore 47198 Linden- 10
– Leonore 47229 Düsseldorfer- 85
– Lieselotte 47269 Wanheimer- 82
– Lieselotte 47226 Rhein- 66
– Lisette 47228 Breslauer- 33
– Lothar 47179 Die Fröhlichkeit 25
– Lothar 47166 Otto- 19
– Lutz 47239 Friemersheimer- 11
– Lydia 47057 Holtei- 61
– Magdalena 47198 Luisen- 28
– Manfred 47138 Emmericher- 146
– Manfred 47053 Musfeld- 82
– Manfred 47269 Zur Kaffeehütt 99
– Marc 47249 Großenbaumer
Allee 110
– Marc 47249 Sittardsberger Allee 44
Namen-Teil
Einwohner
A-DU	Gewerbebetriebe/Dienstleister nach Namen – siehe gelber Teil
